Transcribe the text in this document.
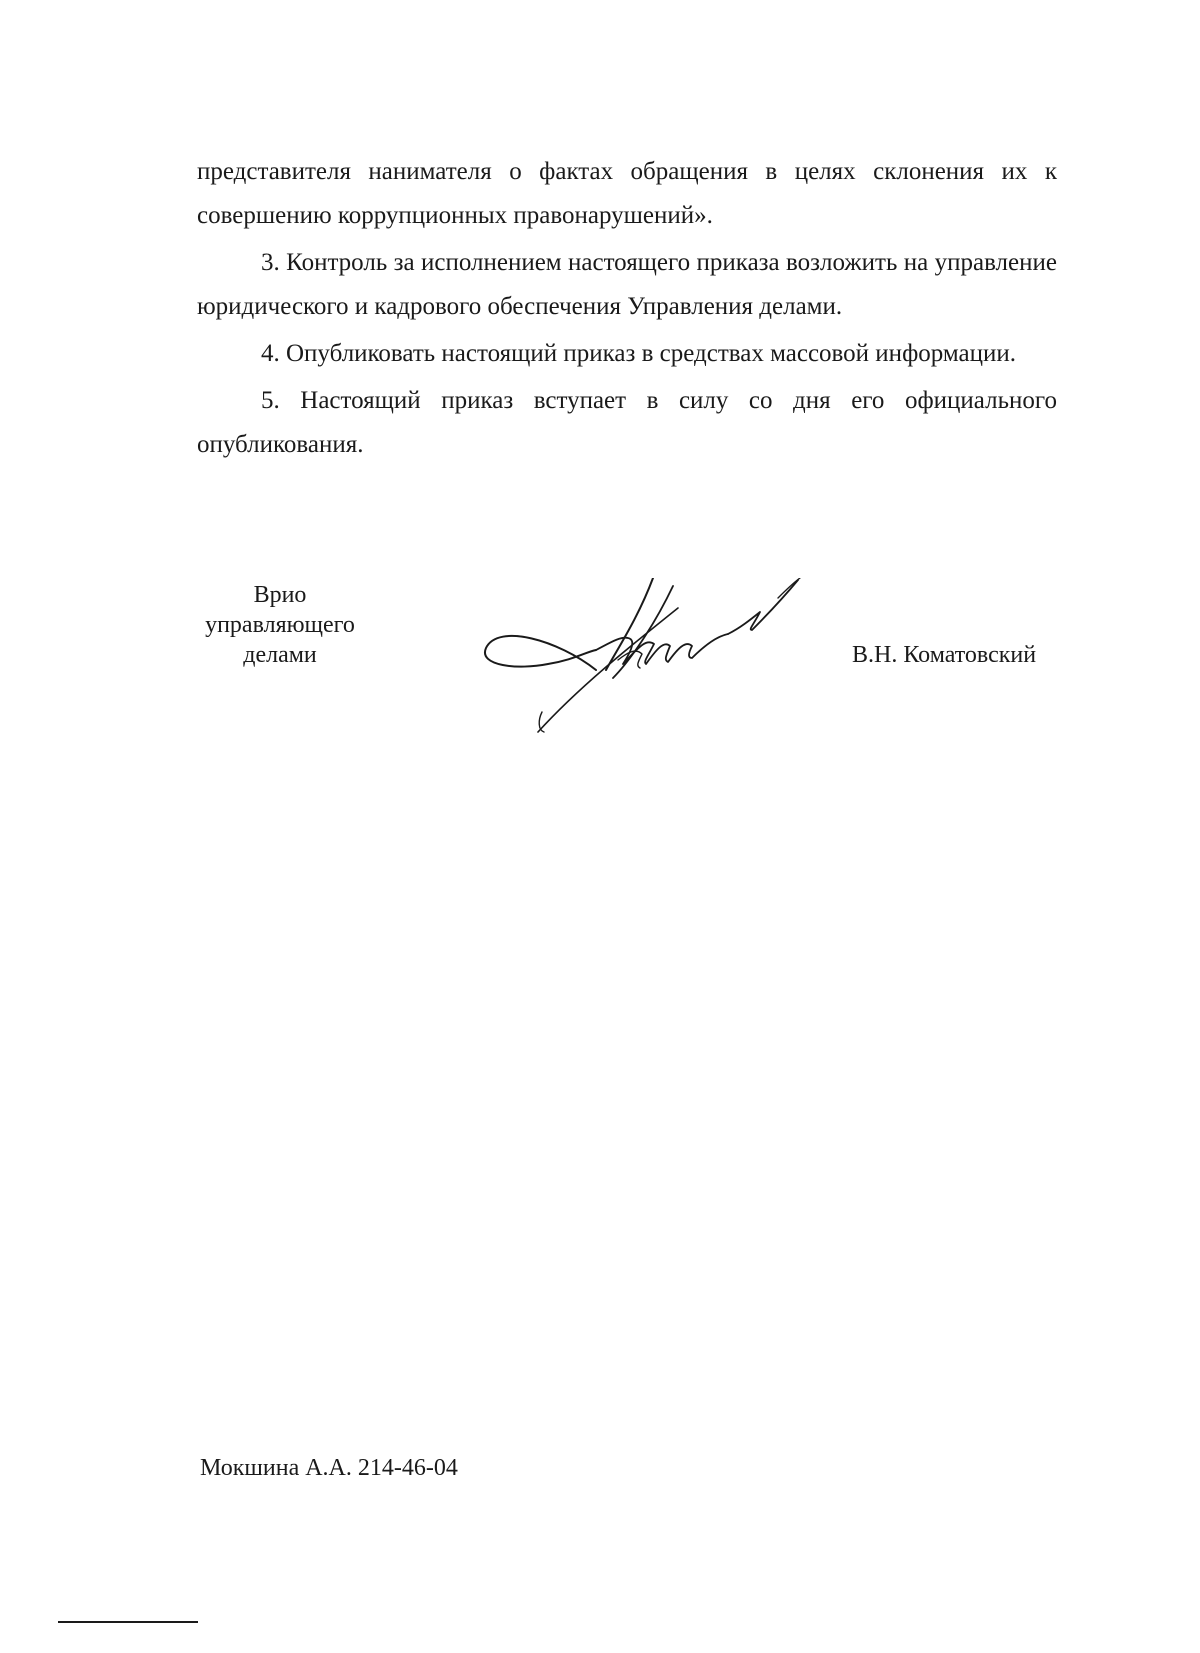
представителя нанимателя о фактах обращения в целях склонения их к совершению коррупционных правонарушений».

3. Контроль за исполнением настоящего приказа возложить на управление юридического и кадрового обеспечения Управления делами.

4. Опубликовать настоящий приказ в средствах массовой информации.

5. Настоящий приказ вступает в силу со дня его официального опубликования.

Врио
управляющего
делами	В.Н. Коматовский
Мокшина А.А. 214-46-04
